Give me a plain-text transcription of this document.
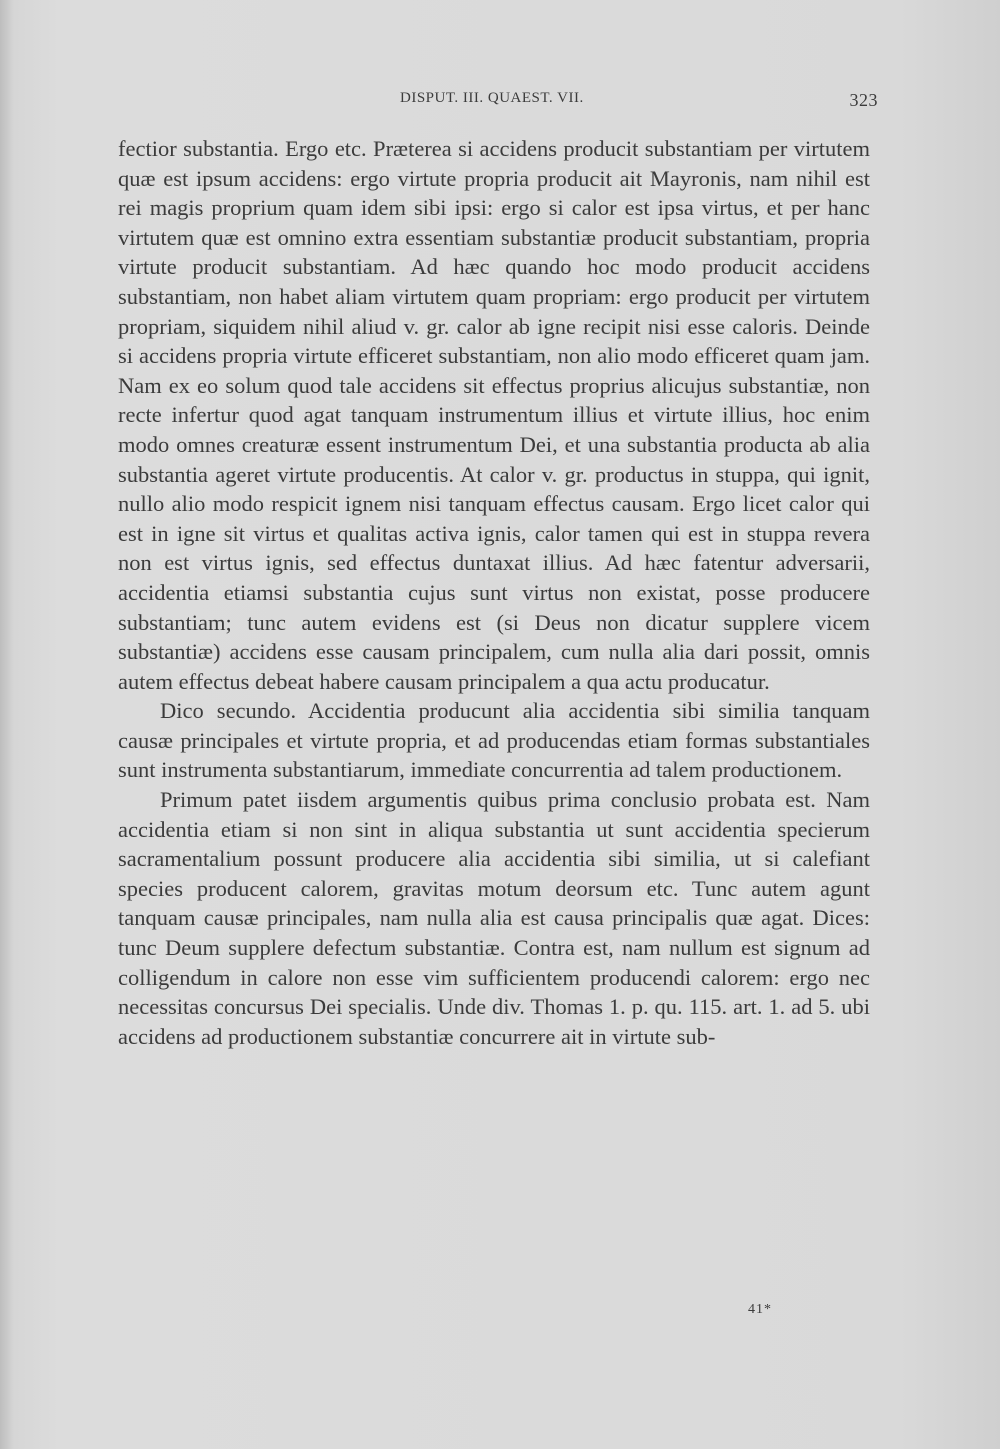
DISPUT. III. QUAEST. VII.	323

fectior substantia. Ergo etc. Præterea si accidens producit substantiam per virtutem quæ est ipsum accidens: ergo virtute propria producit ait Mayronis, nam nihil est rei magis proprium quam idem sibi ipsi: ergo si calor est ipsa virtus, et per hanc virtutem quæ est omnino extra essentiam substantiæ producit substantiam, propria virtute producit substantiam. Ad hæc quando hoc modo producit accidens substantiam, non habet aliam virtutem quam propriam: ergo producit per virtutem propriam, siquidem nihil aliud v. gr. calor ab igne recipit nisi esse caloris. Deinde si accidens propria virtute efficeret substantiam, non alio modo efficeret quam jam. Nam ex eo solum quod tale accidens sit effectus proprius alicujus substantiæ, non recte infertur quod agat tanquam instrumentum illius et virtute illius, hoc enim modo omnes creaturæ essent instrumentum Dei, et una substantia producta ab alia substantia ageret virtute producentis. At calor v. gr. productus in stuppa, qui ignit, nullo alio modo respicit ignem nisi tanquam effectus causam. Ergo licet calor qui est in igne sit virtus et qualitas activa ignis, calor tamen qui est in stuppa revera non est virtus ignis, sed effectus duntaxat illius. Ad hæc fatentur adversarii, accidentia etiamsi substantia cujus sunt virtus non existat, posse producere substantiam; tunc autem evidens est (si Deus non dicatur supplere vicem substantiæ) accidens esse causam principalem, cum nulla alia dari possit, omnis autem effectus debeat habere causam principalem a qua actu producatur.

Dico secundo. Accidentia producunt alia accidentia sibi similia tanquam causæ principales et virtute propria, et ad producendas etiam formas substantiales sunt instrumenta substantiarum, immediate concurrentia ad talem productionem.

Primum patet iisdem argumentis quibus prima conclusio probata est. Nam accidentia etiam si non sint in aliqua substantia ut sunt accidentia specierum sacramentalium possunt producere alia accidentia sibi similia, ut si calefiant species producent calorem, gravitas motum deorsum etc. Tunc autem agunt tanquam causæ principales, nam nulla alia est causa principalis quæ agat. Dices: tunc Deum supplere defectum substantiæ. Contra est, nam nullum est signum ad colligendum in calore non esse vim sufficientem producendi calorem: ergo nec necessitas concursus Dei specialis. Unde div. Thomas 1. p. qu. 115. art. 1. ad 5. ubi accidens ad productionem substantiæ concurrere ait in virtute sub-

41*
